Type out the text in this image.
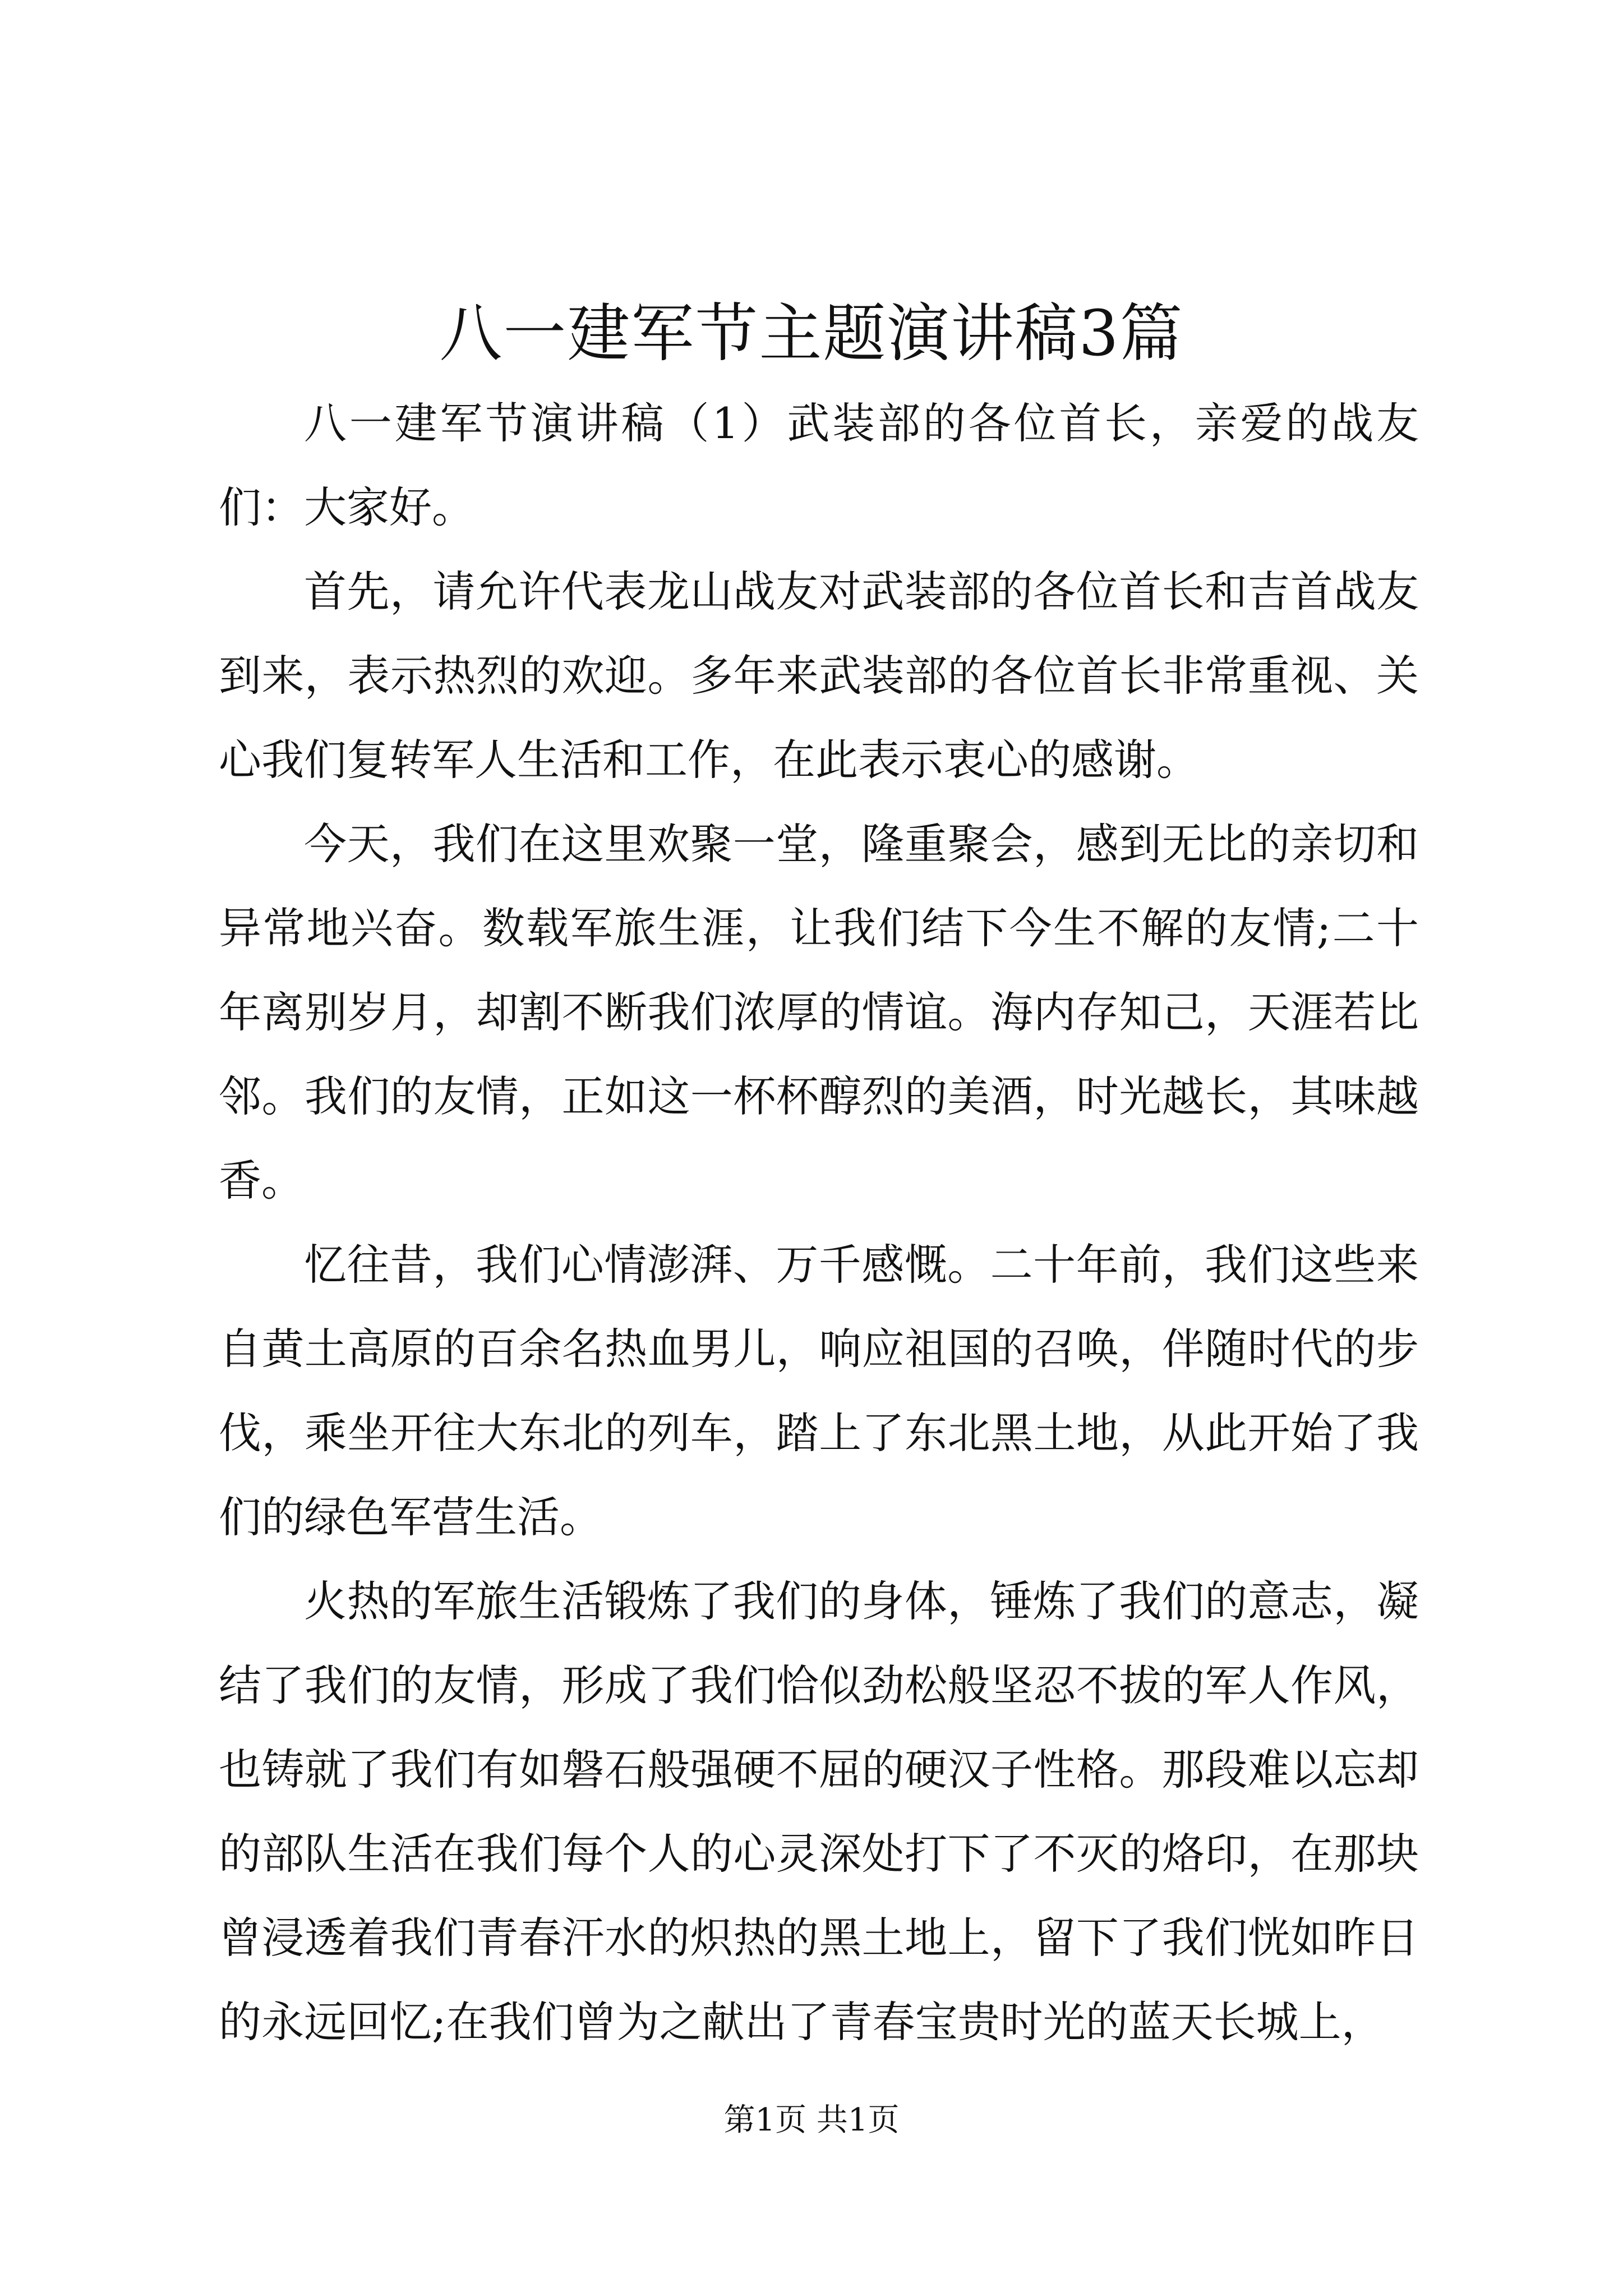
八一建军节主题演讲稿3篇

八一建军节演讲稿（1）武装部的各位首长，亲爱的战友们：大家好。

首先，请允许代表龙山战友对武装部的各位首长和吉首战友到来，表示热烈的欢迎。多年来武装部的各位首长非常重视、关心我们复转军人生活和工作，在此表示衷心的感谢。

今天，我们在这里欢聚一堂，隆重聚会，感到无比的亲切和异常地兴奋。数载军旅生涯，让我们结下今生不解的友情;二十年离别岁月，却割不断我们浓厚的情谊。海内存知己，天涯若比邻。我们的友情，正如这一杯杯醇烈的美酒，时光越长，其味越香。

忆往昔，我们心情澎湃、万千感慨。二十年前，我们这些来自黄土高原的百余名热血男儿，响应祖国的召唤，伴随时代的步伐，乘坐开往大东北的列车，踏上了东北黑土地，从此开始了我们的绿色军营生活。

火热的军旅生活锻炼了我们的身体，锤炼了我们的意志，凝结了我们的友情，形成了我们恰似劲松般坚忍不拔的军人作风，也铸就了我们有如磐石般强硬不屈的硬汉子性格。那段难以忘却的部队生活在我们每个人的心灵深处打下了不灭的烙印，在那块曾浸透着我们青春汗水的炽热的黑土地上，留下了我们恍如昨日的永远回忆;在我们曾为之献出了青春宝贵时光的蓝天长城上，

第1页 共1页
